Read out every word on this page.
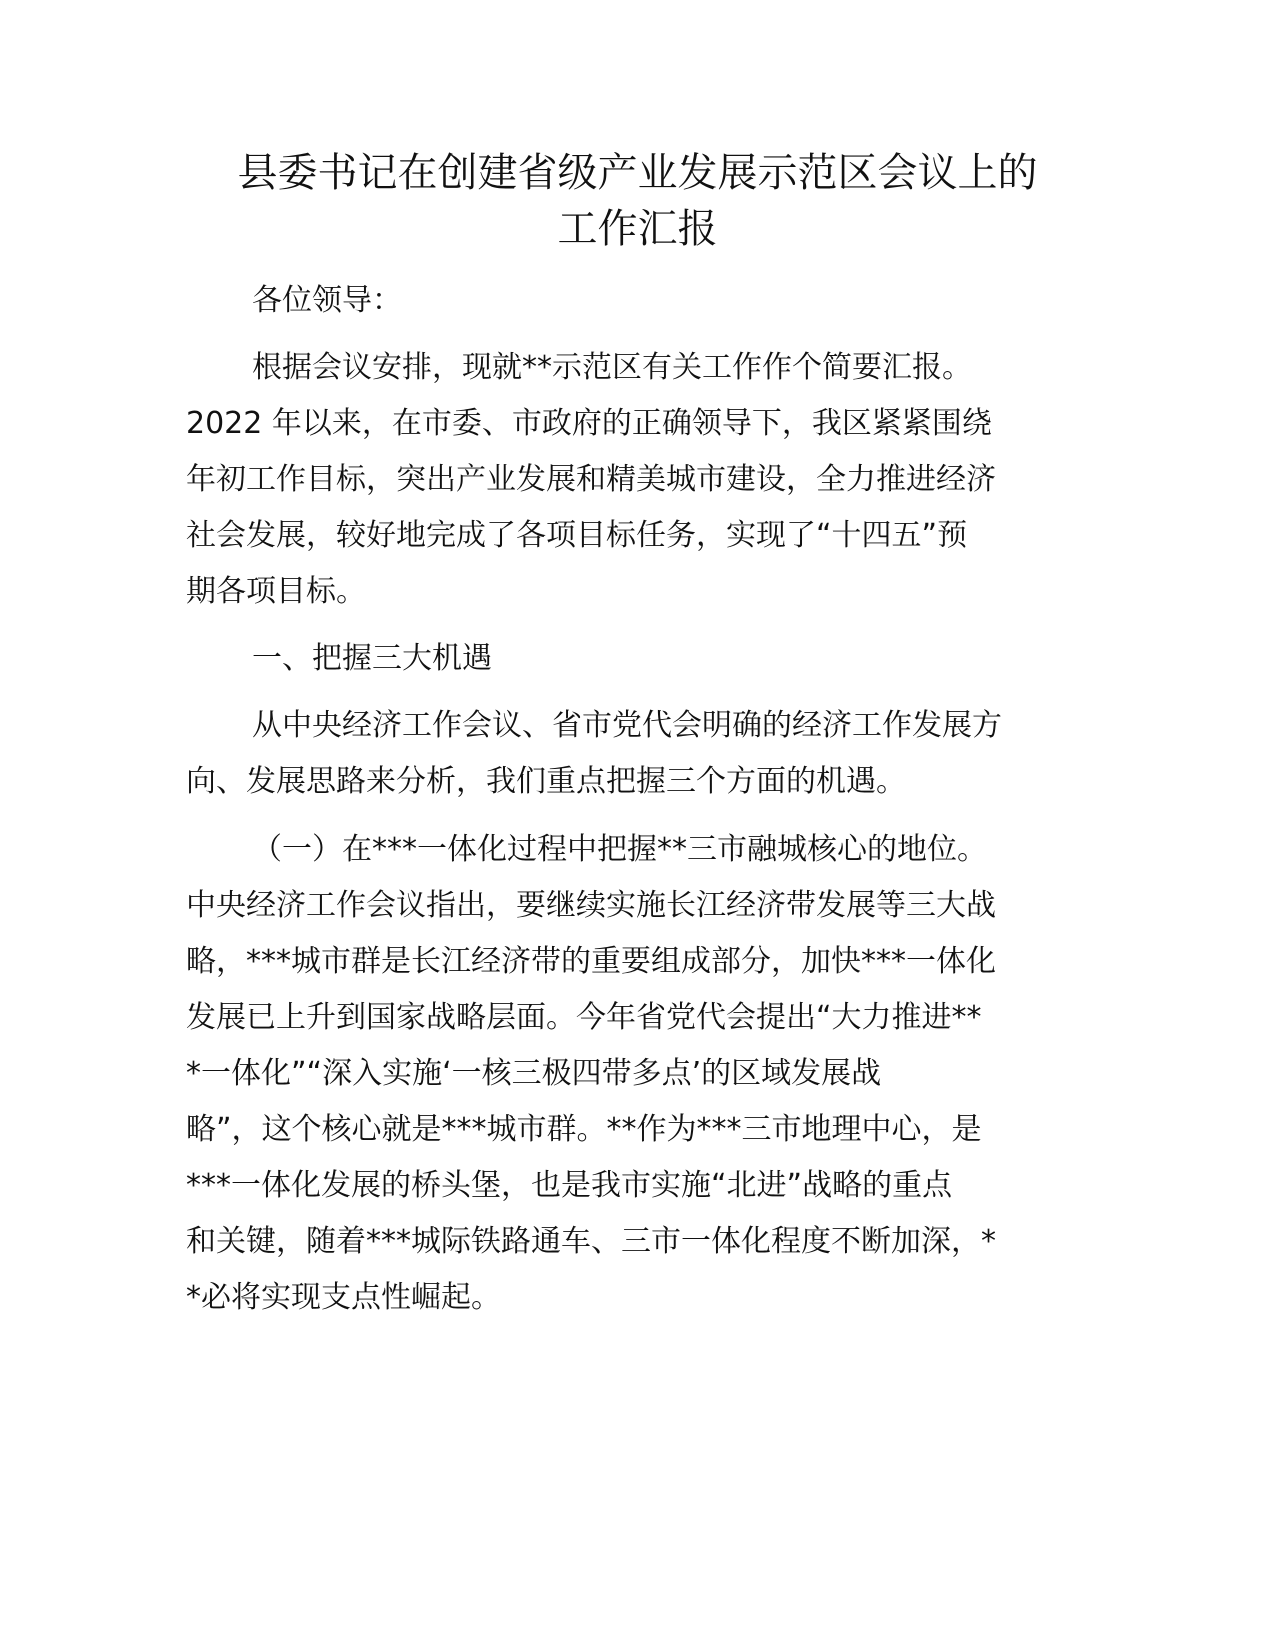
县委书记在创建省级产业发展示范区会议上的
工作汇报

各位领导：

根据会议安排，现就**示范区有关工作作个简要汇报。

2022 年以来，在市委、市政府的正确领导下，我区紧紧围绕

年初工作目标，突出产业发展和精美城市建设，全力推进经济

社会发展，较好地完成了各项目标任务，实现了“十四五”预

期各项目标。

一、把握三大机遇

从中央经济工作会议、省市党代会明确的经济工作发展方

向、发展思路来分析，我们重点把握三个方面的机遇。

（一）在***一体化过程中把握**三市融城核心的地位。

中央经济工作会议指出，要继续实施长江经济带发展等三大战

略，***城市群是长江经济带的重要组成部分，加快***一体化

发展已上升到国家战略层面。今年省党代会提出“大力推进**

*一体化”“深入实施‘一核三极四带多点’的区域发展战

略”，这个核心就是***城市群。**作为***三市地理中心，是

***一体化发展的桥头堡，也是我市实施“北进”战略的重点

和关键，随着***城际铁路通车、三市一体化程度不断加深，*

*必将实现支点性崛起。
